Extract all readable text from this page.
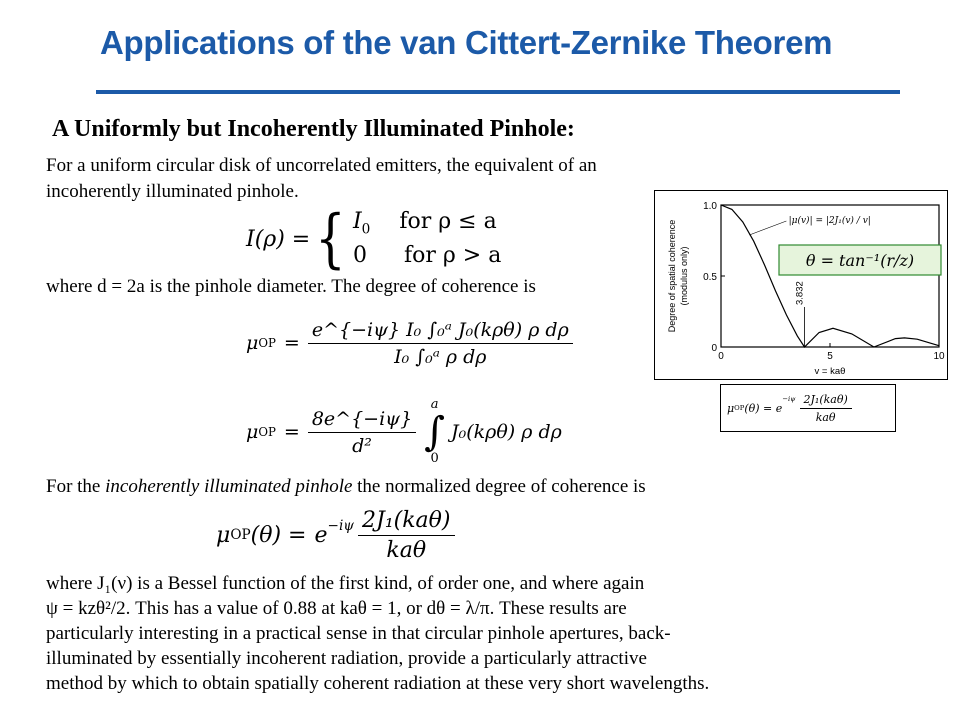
Applications of the van Cittert-Zernike Theorem
A Uniformly but Incoherently Illuminated Pinhole:
For a uniform circular disk of uncorrelated emitters, the equivalent of an
incoherently illuminated pinhole.
I(ρ) = { $I_0$ for ρ ≤ a
0 for ρ > a
where d = 2a is the pinhole diameter. The degree of coherence is
μ OP = $\frac{\text{e\textasciicircum{}\{−iψ\} I₀ ∫₀ᵃ J₀(kρθ) ρ dρ}}{\text{I₀ ∫₀ᵃ ρ dρ}}$
μ OP = $\frac{8e\^{}\{-i\psi\}}{\text{d²}}$
a
∫
0
J₀(kρθ) ρ dρ
For the incoherently illuminated pinhole the normalized degree of coherence is
μ OP $(\theta) = e^{-i\psi} \frac{\text{2J₁(kaθ)}}{\text{kaθ}}$
where J₁(ν) is a Bessel function of the first kind, of order one, and where again
ψ = kzθ²/2. This has a value of 0.88 at kaθ = 1, or dθ = λ/π. These results are
particularly interesting in a practical sense in that circular pinhole apertures, back-
illuminated by essentially incoherent radiation, provide a particularly attractive
method by which to obtain spatially coherent radiation at these very short wavelengths.
0
0.5
1.0
0	5	10
v = kaθ
Degree of spatial coherence (modulus only)	3.832
|μ(v)| = |2J₁(v) / v|
θ = tan⁻¹(r/z)
μ OP (θ) = e
$^{-i\psi} \frac{\text{2J₁(kaθ)}}{\text{kaθ}}$
